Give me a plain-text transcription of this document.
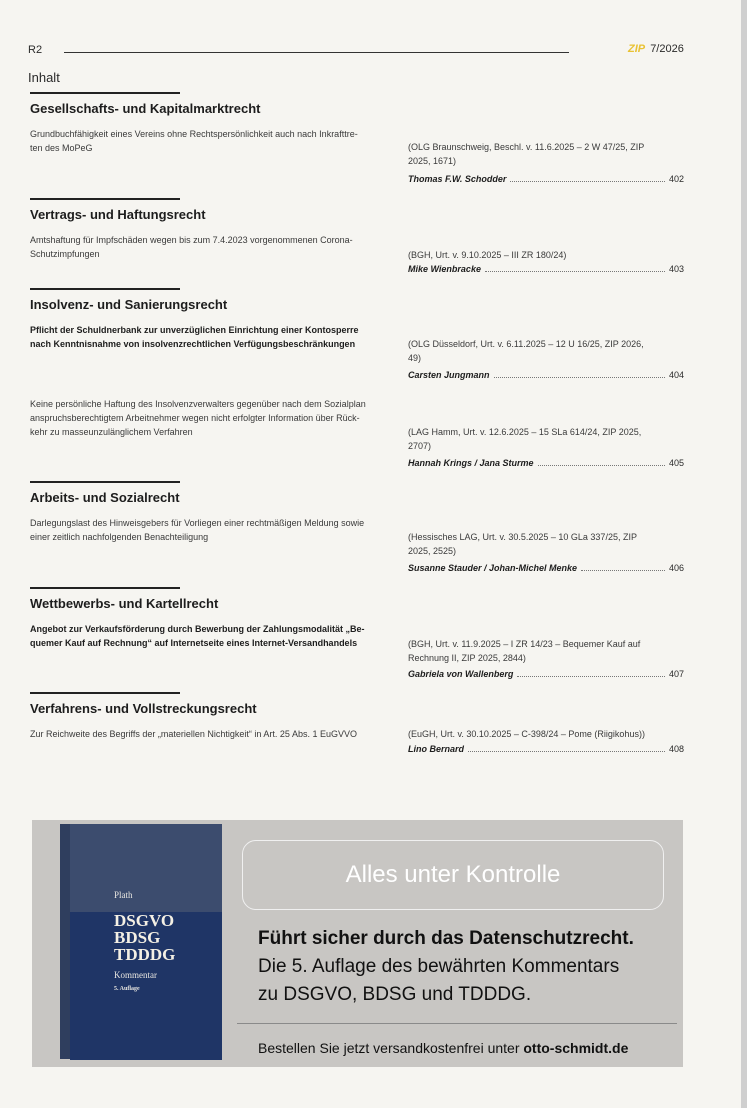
R2	ZIP 7/2026
Inhalt
Gesellschafts- und Kapitalmarktrecht
Grundbuchfähigkeit eines Vereins ohne Rechtspersönlichkeit auch nach Inkrafttre-
ten des MoPeG	(OLG Braunschweig, Beschl. v. 11.6.2025 – 2 W 47/25, ZIP
2025, 1671)
Thomas F.W. Schodder	402
Vertrags- und Haftungsrecht
Amtshaftung für Impfschäden wegen bis zum 7.4.2023 vorgenommenen Corona-
Schutzimpfungen	(BGH, Urt. v. 9.10.2025 – III ZR 180/24)
Mike Wienbracke	403
Insolvenz- und Sanierungsrecht
Pflicht der Schuldnerbank zur unverzüglichen Einrichtung einer Kontosperre
nach Kenntnisnahme von insolvenzrechtlichen Verfügungsbeschränkungen	(OLG Düsseldorf, Urt. v. 6.11.2025 – 12 U 16/25, ZIP 2026,
49)
Carsten Jungmann	404
Keine persönliche Haftung des Insolvenzverwalters gegenüber nach dem Sozialplan
anspruchsberechtigtem Arbeitnehmer wegen nicht erfolgter Information über Rück-
kehr zu masseunzulänglichem Verfahren	(LAG Hamm, Urt. v. 12.6.2025 – 15 SLa 614/24, ZIP 2025,
2707)
Hannah Krings / Jana Sturme	405
Arbeits- und Sozialrecht
Darlegungslast des Hinweisgebers für Vorliegen einer rechtmäßigen Meldung sowie
einer zeitlich nachfolgenden Benachteiligung	(Hessisches LAG, Urt. v. 30.5.2025 – 10 GLa 337/25, ZIP
2025, 2525)
Susanne Stauder / Johan-Michel Menke	406
Wettbewerbs- und Kartellrecht
Angebot zur Verkaufsförderung durch Bewerbung der Zahlungsmodalität „Be-
quemer Kauf auf Rechnung“ auf Internetseite eines Internet-Versandhandels	(BGH, Urt. v. 11.9.2025 – I ZR 14/23 – Bequemer Kauf auf
Rechnung II, ZIP 2025, 2844)
Gabriela von Wallenberg	407
Verfahrens- und Vollstreckungsrecht
Zur Reichweite des Begriffs der „materiellen Nichtigkeit“ in Art. 25 Abs. 1 EuGVVO	(EuGH, Urt. v. 30.10.2025 – C-398/24 – Pome (Riigikohus))
Lino Bernard	408
Plath
DSGVO
BDSG
TDDDG
Kommentar
5. Auflage
Alles unter Kontrolle
Führt sicher durch das Datenschutzrecht.
Die 5. Auflage des bewährten Kommentars
zu DSGVO, BDSG und TDDDG.
Bestellen Sie jetzt versandkostenfrei unter otto-schmidt.de
